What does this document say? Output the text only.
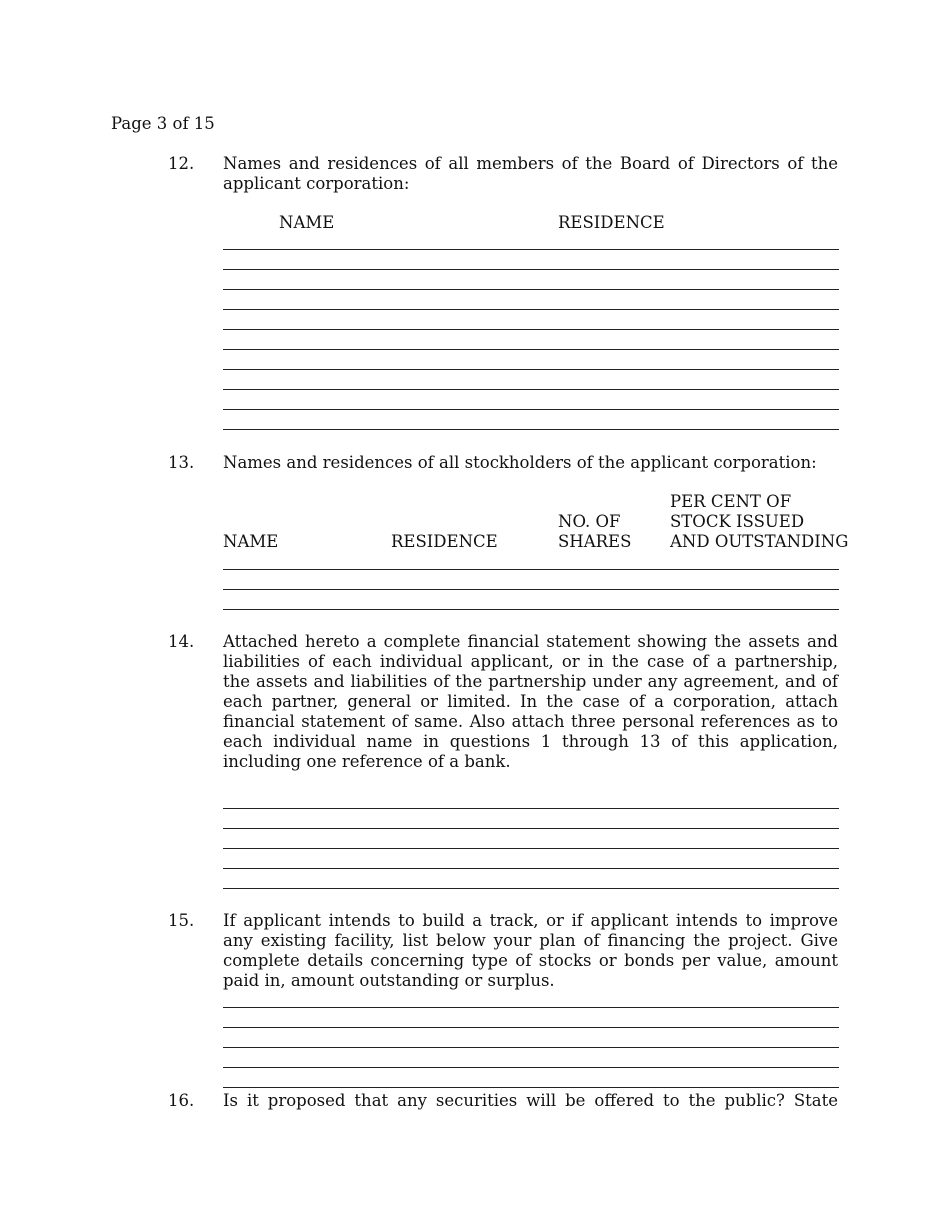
Page 3 of 15
12. Names and residences of all members of the Board of Directors of the applicant corporation:

NAME	RESIDENCE
13. Names and residences of all stockholders of the applicant corporation:
NAME	RESIDENCE
NO. OF
SHARES
PER CENT OF
STOCK ISSUED
AND OUTSTANDING
14. Attached hereto a complete financial statement showing the assets and liabilities of each individual applicant, or in the case of a partnership, the assets and liabilities of the partnership under any agreement, and of each partner, general or limited. In the case of a corporation, attach financial statement of same. Also attach three personal references as to each individual name in questions 1 through 13 of this application, including one reference of a bank.

15. If applicant intends to build a track, or if applicant intends to improve any existing facility, list below your plan of financing the project. Give complete details concerning type of stocks or bonds per value, amount paid in, amount outstanding or surplus.

16. Is it proposed that any securities will be offered to the public? State
